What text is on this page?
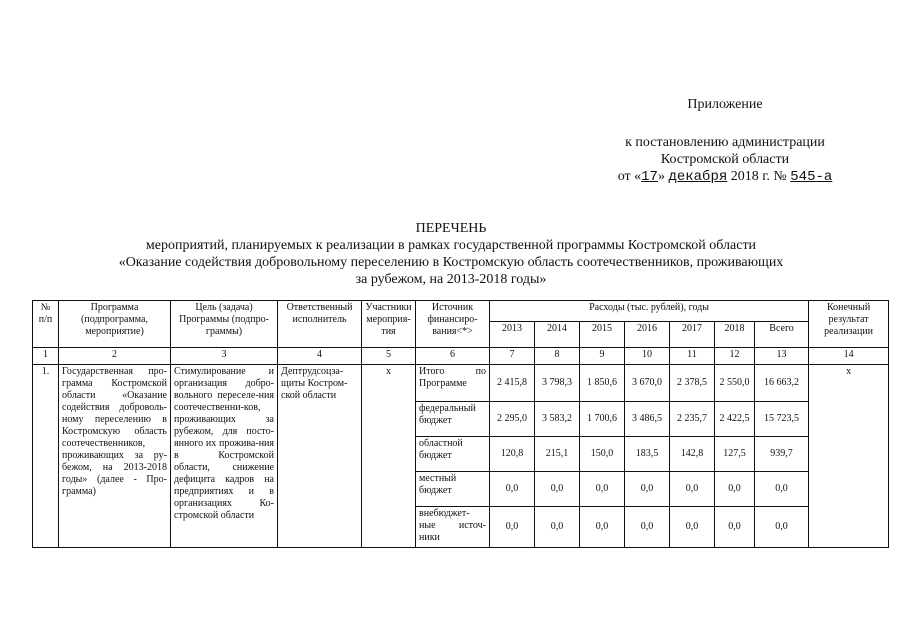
Приложение
к постановлению администрации
Костромской области
от «17» декабря 2018 г. № 545-а
ПЕРЕЧЕНЬ
мероприятий, планируемых к реализации в рамках государственной программы Костромской области
«Оказание содействия добровольному переселению в Костромскую область соотечественников, проживающих
за рубежом, на 2013-2018 годы»
№ п/п	Программа (подпрограмма, мероприятие)	Цель (задача) Программы (подпро-граммы)	Ответственный исполнитель	Участники мероприя-тия	Источник финансиро-вания<*>	Расходы (тыс. рублей), годы							Конечный результат реализации
						2013	2014	2015	2016	2017	2018	Всего	
1	2	3	4	5	6	7	8	9	10	11	12	13	14
1.	Государственная про-грамма Костромской области «Оказание содействия доброволь-ному переселению в Костромскую область соотечественников, проживающих за ру-бежом, на 2013-2018 годы» (далее - Про-грамма)	Стимулирование и организация добро-вольного переселе-ния соотечественни-ков, проживающих за рубежом, для посто-янного их прожива-ния в Костромской области, снижение дефицита кадров на предприятиях и в организациях Ко-стромской области	Дептрудсоцза-щиты Костром-ской области	х	Итого по Программе	2 415,8	3 798,3	1 850,6	3 670,0	2 378,5	2 550,0	16 663,2	х
					федеральный бюджет	2 295,0	3 583,2	1 700,6	3 486,5	2 235,7	2 422,5	15 723,5	
					областной бюджет	120,8	215,1	150,0	183,5	142,8	127,5	939,7	
					местный бюджет	0,0	0,0	0,0	0,0	0,0	0,0	0,0	
					внебюджет-ные источ-ники	0,0	0,0	0,0	0,0	0,0	0,0	0,0	
